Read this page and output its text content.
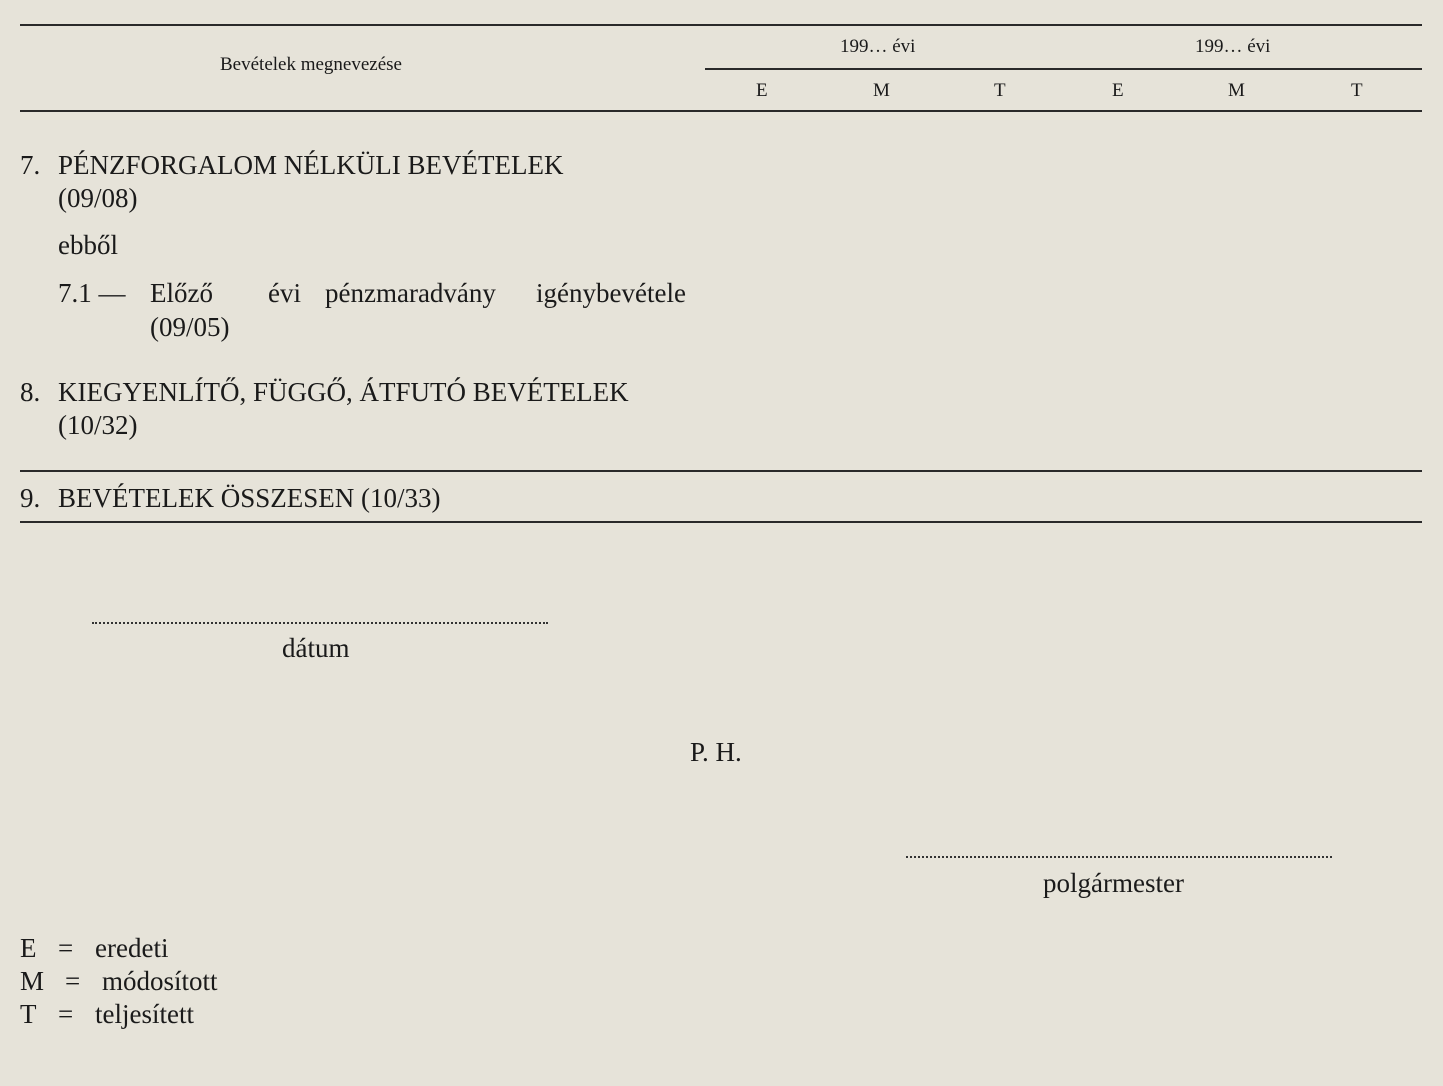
Bevételek megnevezése
199… évi	199… évi
E	M	T	E	M	T
7. PÉNZFORGALOM NÉLKÜLI BEVÉTELEK
(09/08)
ebből
7.1 — Előző évi pénzmaradvány igénybevétele
(09/05)
8. KIEGYENLÍTŐ, FÜGGŐ, ÁTFUTÓ BEVÉTELEK
(10/32)
9. BEVÉTELEK ÖSSZESEN (10/33)
dátum
P. H.
polgármester
E = eredeti
M = módosított
T = teljesített
